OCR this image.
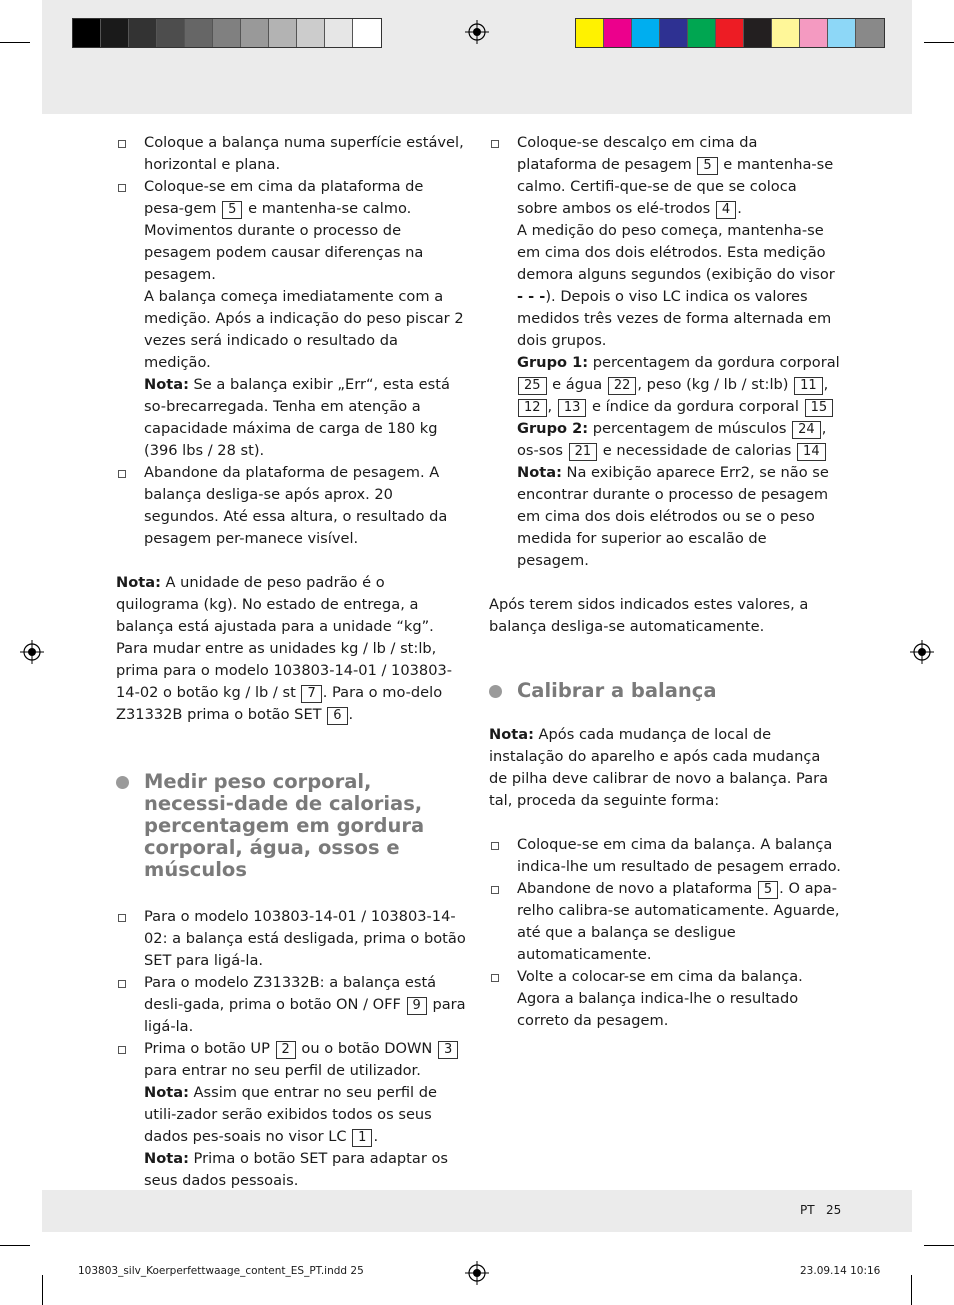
Coloque a balança numa superfície estável, horizontal e plana.

Coloque-se em cima da plataforma de pesa-gem 5 e mantenha-se calmo. Movimentos durante o processo de pesagem podem causar diferenças na pesagem.

A balança começa imediatamente com a medição. Após a indicação do peso piscar 2 vezes será indicado o resultado da medição.

Nota: Se a balança exibir „Err“, esta está so-brecarregada. Tenha em atenção a capacidade máxima de carga de 180 kg (396 lbs / 28 st).

Abandone da plataforma de pesagem. A balança desliga-se após aprox. 20 segundos. Até essa altura, o resultado da pesagem per-manece visível.

Nota: A unidade de peso padrão é o quilograma (kg). No estado de entrega, a balança está ajustada para a unidade “kg”. Para mudar entre as unidades kg / lb / st:lb, prima para o modelo 103803-14-01 / 103803-14-02 o botão kg / lb / st 7 . Para o mo-delo Z31332B prima o botão SET 6 .

Medir peso corporal, necessi-dade de calorias, percentagem em gordura corporal, água, ossos e músculos

Para o modelo 103803-14-01 / 103803-14-02: a balança está desligada, prima o botão SET para ligá-la.

Para o modelo Z31332B: a balança está desli-gada, prima o botão ON / OFF 9 para ligá-la.

Prima o botão UP 2 ou o botão DOWN 3 para entrar no seu perfil de utilizador.

Nota: Assim que entrar no seu perfil de utili-zador serão exibidos todos os seus dados pes-soais no visor LC 1 .

Nota: Prima o botão SET para adaptar os seus dados pessoais.

Coloque-se descalço em cima da plataforma de pesagem 5 e mantenha-se calmo. Certifi-que-se de que se coloca sobre ambos os elé-trodos 4 .

A medição do peso começa, mantenha-se em cima dos dois elétrodos. Esta medição demora alguns segundos (exibição do visor - - -). Depois o viso LC indica os valores medidos três vezes de forma alternada em dois grupos.

Grupo 1: percentagem da gordura corporal 25 e água 22 , peso (kg / lb / st:lb) 11 , 12 , 13 e índice da gordura corporal 15

Grupo 2: percentagem de músculos 24 , os-sos 21 e necessidade de calorias 14

Nota: Na exibição aparece Err2, se não se encontrar durante o processo de pesagem em cima dos dois elétrodos ou se o peso medida for superior ao escalão de pesagem.

Após terem sidos indicados estes valores, a balança desliga-se automaticamente.

Calibrar a balança

Nota: Após cada mudança de local de instalação do aparelho e após cada mudança de pilha deve calibrar de novo a balança. Para tal, proceda da seguinte forma:

Coloque-se em cima da balança. A balança indica-lhe um resultado de pesagem errado.

Abandone de novo a plataforma 5 . O apa-relho calibra-se automaticamente. Aguarde, até que a balança se desligue automaticamente.

Volte a colocar-se em cima da balança. Agora a balança indica-lhe o resultado correto da pesagem.

PT 25
103803_silv_Koerperfettwaage_content_ES_PT.indd 25	23.09.14 10:16
